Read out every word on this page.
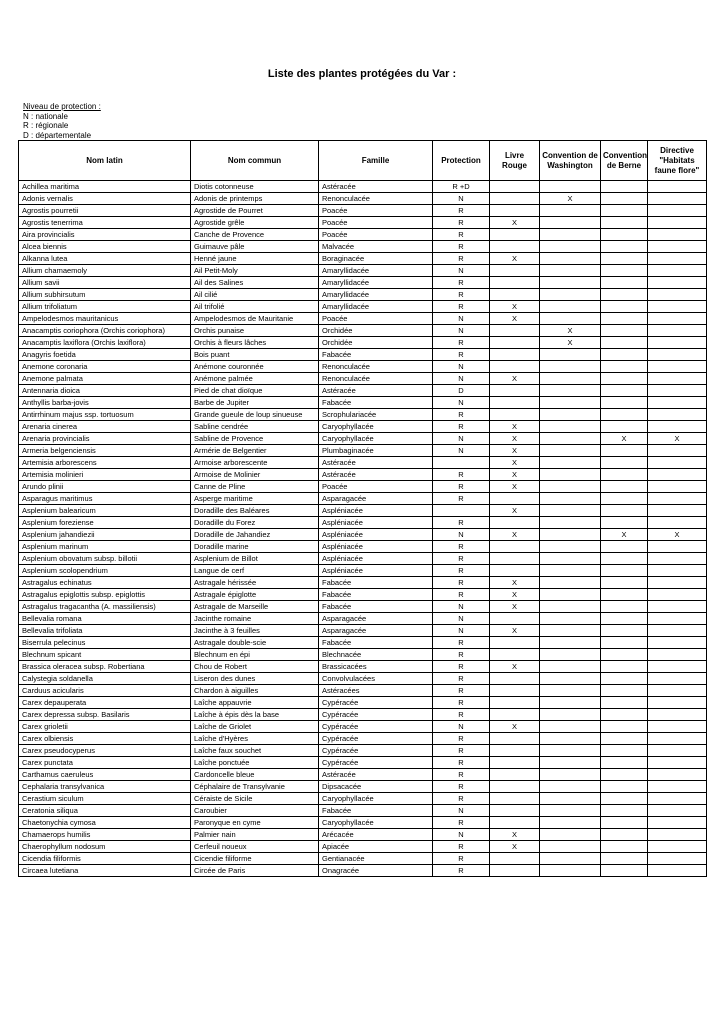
Liste des plantes protégées du Var :
Niveau de protection :
N : nationale
R : régionale
D : départementale
Nom latin	Nom commun	Famille	Protection	Livre Rouge	Convention de Washington	Convention de Berne	Directive "Habitats faune flore"
Achillea maritima	Diotis cotonneuse	Astéracée	R +D				
Adonis vernalis	Adonis de printemps	Renonculacée	N		X		
Agrostis pourretii	Agrostide de Pourret	Poacée	R				
Agrostis tenerrima	Agrostide grêle	Poacée	R	X			
Aira provincialis	Canche de Provence	Poacée	R				
Alcea biennis	Guimauve pâle	Malvacée	R				
Alkanna lutea	Henné jaune	Boraginacée	R	X			
Allium chamaemoly	Ail Petit-Moly	Amaryllidacée	N				
Allium savii	Ail des Salines	Amaryllidacée	R				
Allium subhirsutum	Ail cilié	Amaryllidacée	R				
Allium trifoliatum	Ail trifolié	Amaryllidacée	R	X			
Ampelodesmos mauritanicus	Ampelodesmos de Mauritanie	Poacée	N	X			
Anacamptis coriophora (Orchis coriophora)	Orchis punaise	Orchidée	N		X		
Anacamptis laxiflora (Orchis laxiflora)	Orchis à fleurs lâches	Orchidée	R		X		
Anagyris foetida	Bois puant	Fabacée	R				
Anemone coronaria	Anémone couronnée	Renonculacée	N				
Anemone palmata	Anémone palmée	Renonculacée	N	X			
Antennaria dioica	Pied de chat dioïque	Astéracée	D				
Anthyllis barba-jovis	Barbe de Jupiter	Fabacée	N				
Antirrhinum majus ssp. tortuosum	Grande gueule de loup sinueuse	Scrophulariacée	R				
Arenaria cinerea	Sabline cendrée	Caryophyllacée	R	X			
Arenaria provincialis	Sabline de Provence	Caryophyllacée	N	X		X	X
Armeria belgenciensis	Armérie de Belgentier	Plumbaginacée	N	X			
Artemisia arborescens	Armoise arborescente	Astéracée		X			
Artemisia molinieri	Armoise de Molinier	Astéracée	R	X			
Arundo plinii	Canne de Pline	Poacée	R	X			
Asparagus maritimus	Asperge maritime	Asparagacée	R				
Asplenium balearicum	Doradille des Baléares	Aspléniacée		X			
Asplenium foreziense	Doradille du Forez	Aspléniacée	R				
Asplenium jahandiezii	Doradille de Jahandiez	Aspléniacée	N	X		X	X
Asplenium marinum	Doradille marine	Aspléniacée	R				
Asplenium obovatum subsp. billotii	Asplenium de Billot	Aspléniacée	R				
Asplenium scolopendrium	Langue de cerf	Aspléniacée	R				
Astragalus echinatus	Astragale hérissée	Fabacée	R	X			
Astragalus epiglottis subsp. epiglottis	Astragale épiglotte	Fabacée	R	X			
Astragalus tragacantha (A. massiliensis)	Astragale de Marseille	Fabacée	N	X			
Bellevalia romana	Jacinthe romaine	Asparagacée	N				
Bellevalia trifoliata	Jacinthe à 3 feuilles	Asparagacée	N	X			
Biserrula pelecinus	Astragale double-scie	Fabacée	R				
Blechnum spicant	Blechnum en épi	Blechnacée	R				
Brassica oleracea subsp. Robertiana	Chou de Robert	Brassicacées	R	X			
Calystegia soldanella	Liseron des dunes	Convolvulacées	R				
Carduus acicularis	Chardon à aiguilles	Astéracées	R				
Carex depauperata	Laîche appauvrie	Cypéracée	R				
Carex depressa subsp. Basilaris	Laîche à épis dès la base	Cypéracée	R				
Carex grioletii	Laîche de Griolet	Cypéracée	N	X			
Carex olbiensis	Laîche d'Hyères	Cypéracée	R				
Carex pseudocyperus	Laîche faux souchet	Cypéracée	R				
Carex punctata	Laîche ponctuée	Cypéracée	R				
Carthamus caeruleus	Cardoncelle bleue	Astéracée	R				
Cephalaria transylvanica	Céphalaire de Transylvanie	Dipsacacée	R				
Cerastium siculum	Céraiste de Sicile	Caryophyllacée	R				
Ceratonia siliqua	Caroubier	Fabacée	N				
Chaetonychia cymosa	Paronyque en cyme	Caryophyllacée	R				
Chamaerops humilis	Palmier nain	Arécacée	N	X			
Chaerophyllum nodosum	Cerfeuil noueux	Apiacée	R	X			
Cicendia filiformis	Cicendie filiforme	Gentianacée	R				
Circaea lutetiana	Circée de Paris	Onagracée	R				
